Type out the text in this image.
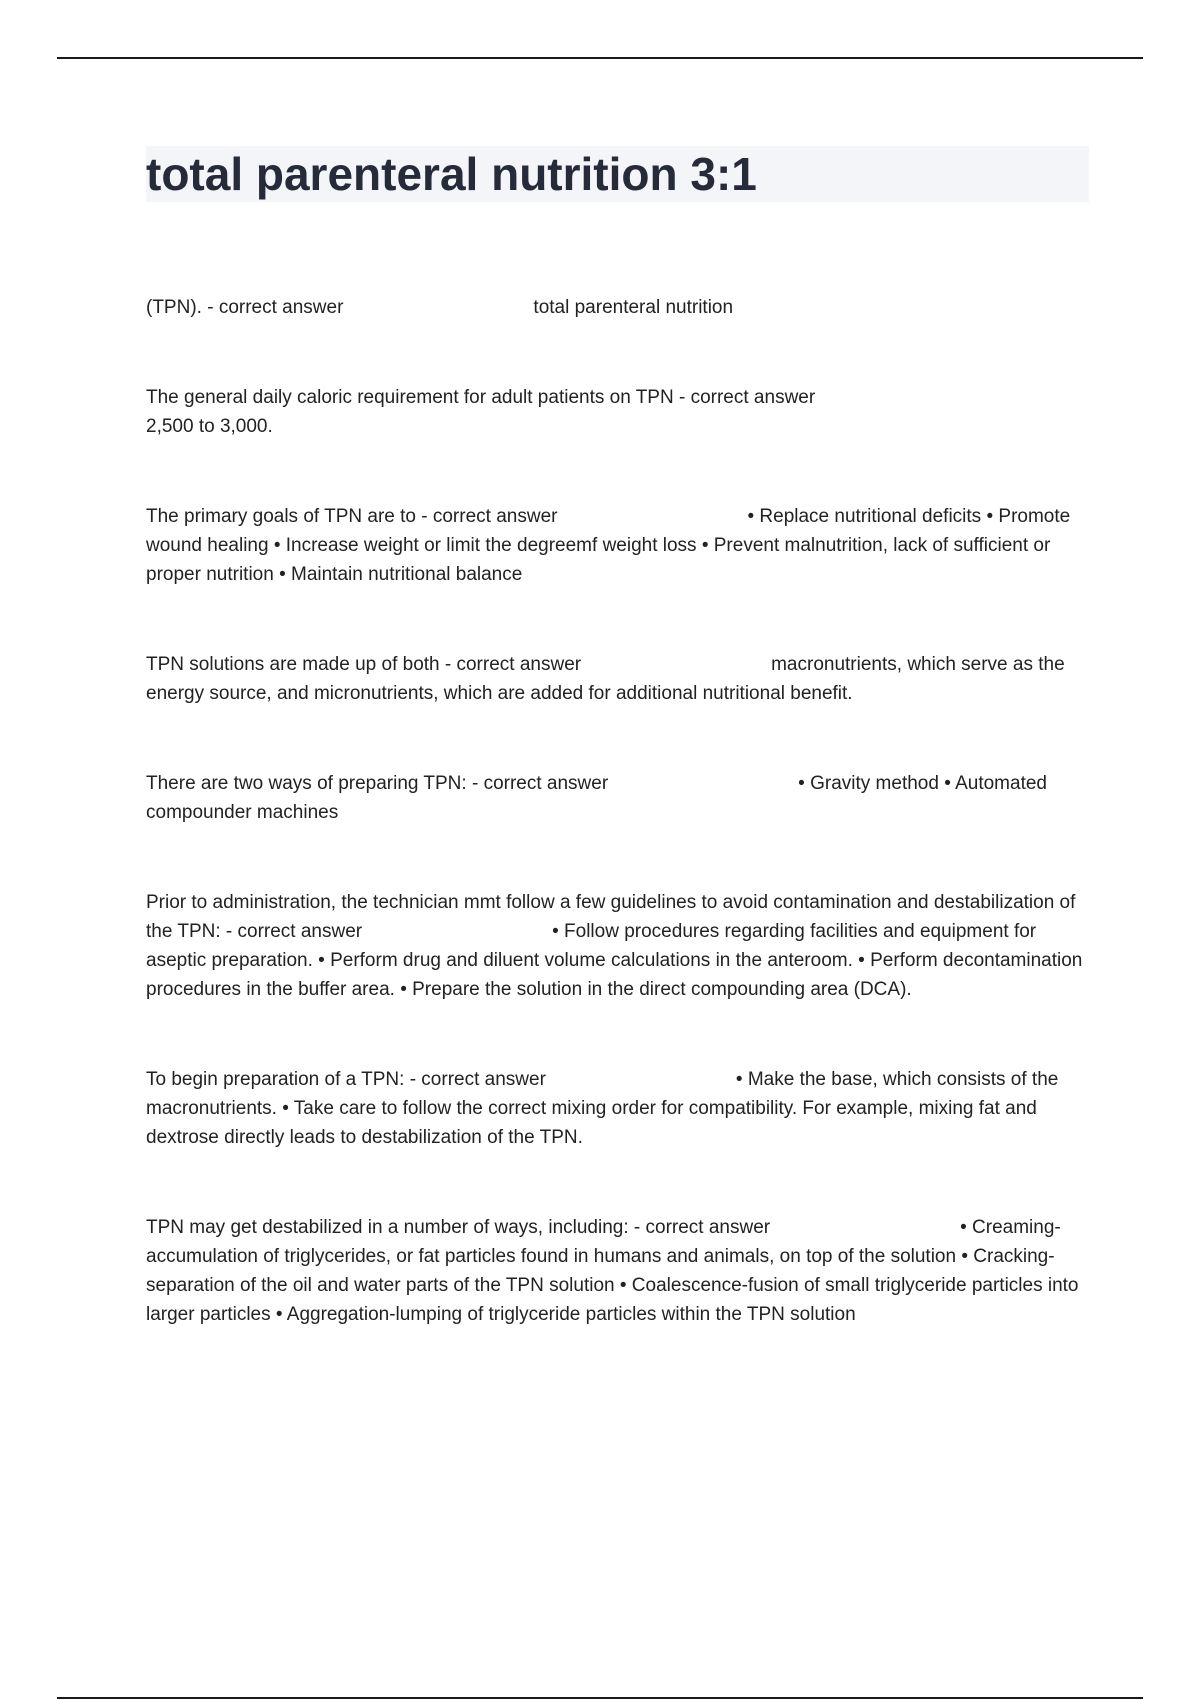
total parenteral nutrition 3:1

(TPN). - correct answer	total parenteral nutrition

The general daily caloric requirement for adult patients on TPN - correct answer
2,500 to 3,000.

The primary goals of TPN are to - correct answer	• Replace nutritional deficits • Promote wound healing • Increase weight or limit the degreemf weight loss • Prevent malnutrition, lack of sufficient or proper nutrition • Maintain nutritional balance

TPN solutions are made up of both - correct answer	macronutrients, which serve as the energy source, and micronutrients, which are added for additional nutritional benefit.

There are two ways of preparing TPN: - correct answer	• Gravity method • Automated compounder machines

Prior to administration, the technician mmt follow a few guidelines to avoid contamination and destabilization of the TPN: - correct answer	• Follow procedures regarding facilities and equipment for aseptic preparation. • Perform drug and diluent volume calculations in the anteroom. • Perform decontamination procedures in the buffer area. • Prepare the solution in the direct compounding area (DCA).

To begin preparation of a TPN: - correct answer	• Make the base, which consists of the macronutrients. • Take care to follow the correct mixing order for compatibility. For example, mixing fat and dextrose directly leads to destabilization of the TPN.

TPN may get destabilized in a number of ways, including: - correct answer	• Creaming-accumulation of triglycerides, or fat particles found in humans and animals, on top of the solution • Cracking-separation of the oil and water parts of the TPN solution • Coalescence-fusion of small triglyceride particles into larger particles • Aggregation-lumping of triglyceride particles within the TPN solution
